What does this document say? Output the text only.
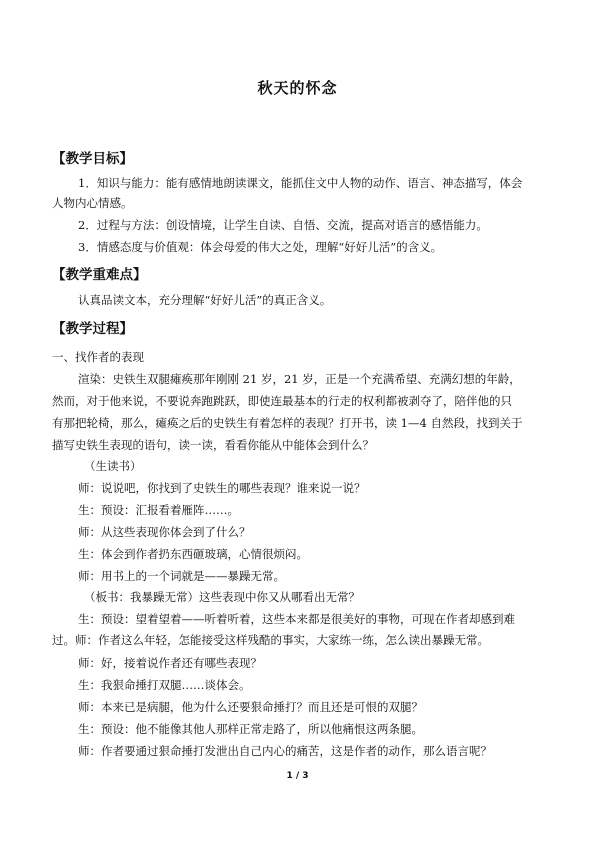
秋天的怀念
【教学目标】
1．知识与能力：能有感情地朗读课文，能抓住文中人物的动作、语言、神态描写，体会
人物内心情感。
2．过程与方法：创设情境，让学生自读、自悟、交流，提高对语言的感悟能力。
3．情感态度与价值观：体会母爱的伟大之处，理解“好好儿活”的含义。
【教学重难点】
认真品读文本，充分理解“好好儿活”的真正含义。
【教学过程】
一、找作者的表现
渲染：史铁生双腿瘫痪那年刚刚 21 岁，21 岁，正是一个充满希望、充满幻想的年龄，
然而，对于他来说，不要说奔跑跳跃，即使连最基本的行走的权利都被剥夺了，陪伴他的只
有那把轮椅，那么，瘫痪之后的史铁生有着怎样的表现？打开书，读 1—4 自然段，找到关于
描写史铁生表现的语句，读一读，看看你能从中能体会到什么？
（生读书）
师：说说吧，你找到了史铁生的哪些表现？谁来说一说？
生：预设：汇报看着雁阵……。
师：从这些表现你体会到了什么？
生：体会到作者扔东西砸玻璃，心情很烦闷。
师：用书上的一个词就是——暴躁无常。
（板书：我暴躁无常）这些表现中你又从哪看出无常？
生：预设：望着望着——听着听着，这些本来都是很美好的事物，可现在作者却感到难
过。师：作者这么年轻，怎能接受这样残酷的事实，大家练一练，怎么读出暴躁无常。
师：好，接着说作者还有哪些表现？
生：我狠命捶打双腿……谈体会。
师：本来已是病腿，他为什么还要狠命捶打？而且还是可恨的双腿？
生：预设：他不能像其他人那样正常走路了，所以他痛恨这两条腿。
师：作者要通过狠命捶打发泄出自己内心的痛苦，这是作者的动作，那么语言呢？
1 / 3
